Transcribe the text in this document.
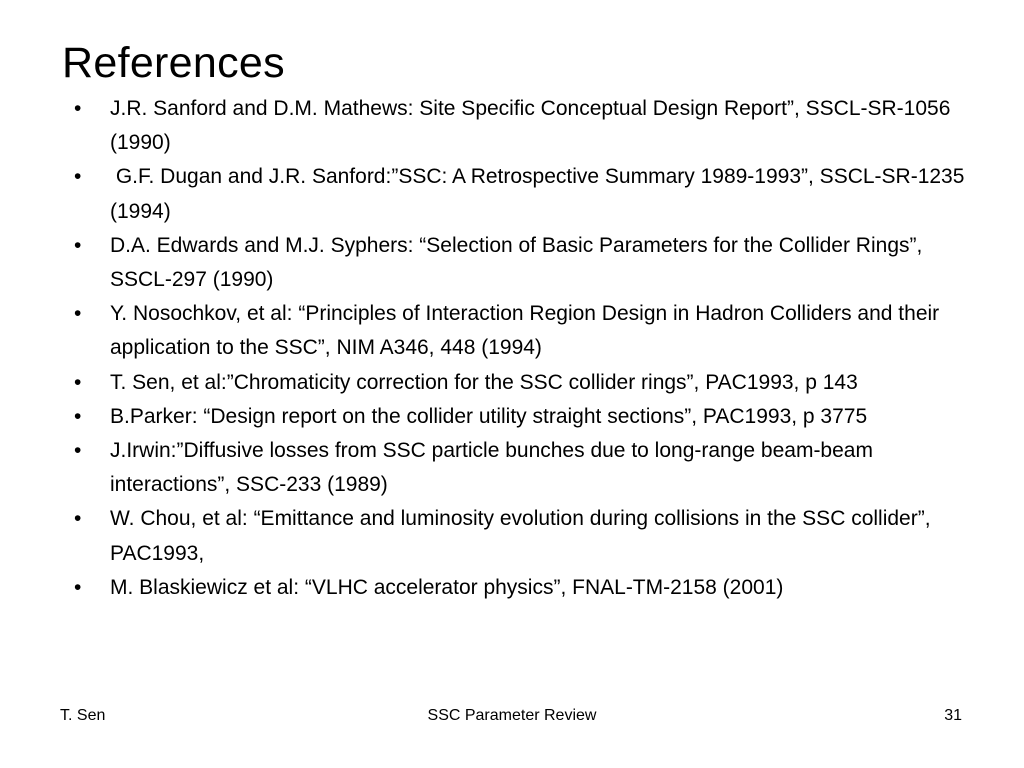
References
•	J.R. Sanford and D.M. Mathews: Site Specific Conceptual Design Report”, SSCL-SR-1056 (1990)
•	G.F. Dugan and J.R. Sanford:”SSC: A Retrospective Summary 1989-1993”, SSCL-SR-1235 (1994)
•	D.A. Edwards and M.J. Syphers: “Selection of Basic Parameters for the Collider Rings”, SSCL-297 (1990)
•	Y. Nosochkov, et al: “Principles of Interaction Region Design in Hadron Colliders and their application to the SSC”, NIM A346, 448 (1994)
•	T. Sen, et al:”Chromaticity correction for the SSC collider rings”, PAC1993, p 143
•	B.Parker: “Design report on the collider utility straight sections”, PAC1993, p 3775
•	J.Irwin:”Diffusive losses from SSC particle bunches due to long-range beam-beam interactions”, SSC-233 (1989)
•	W. Chou, et al: “Emittance and luminosity evolution during collisions in the SSC collider”, PAC1993,
•	M. Blaskiewicz et al: “VLHC accelerator physics”, FNAL-TM-2158 (2001)
T. Sen	SSC Parameter Review	31
